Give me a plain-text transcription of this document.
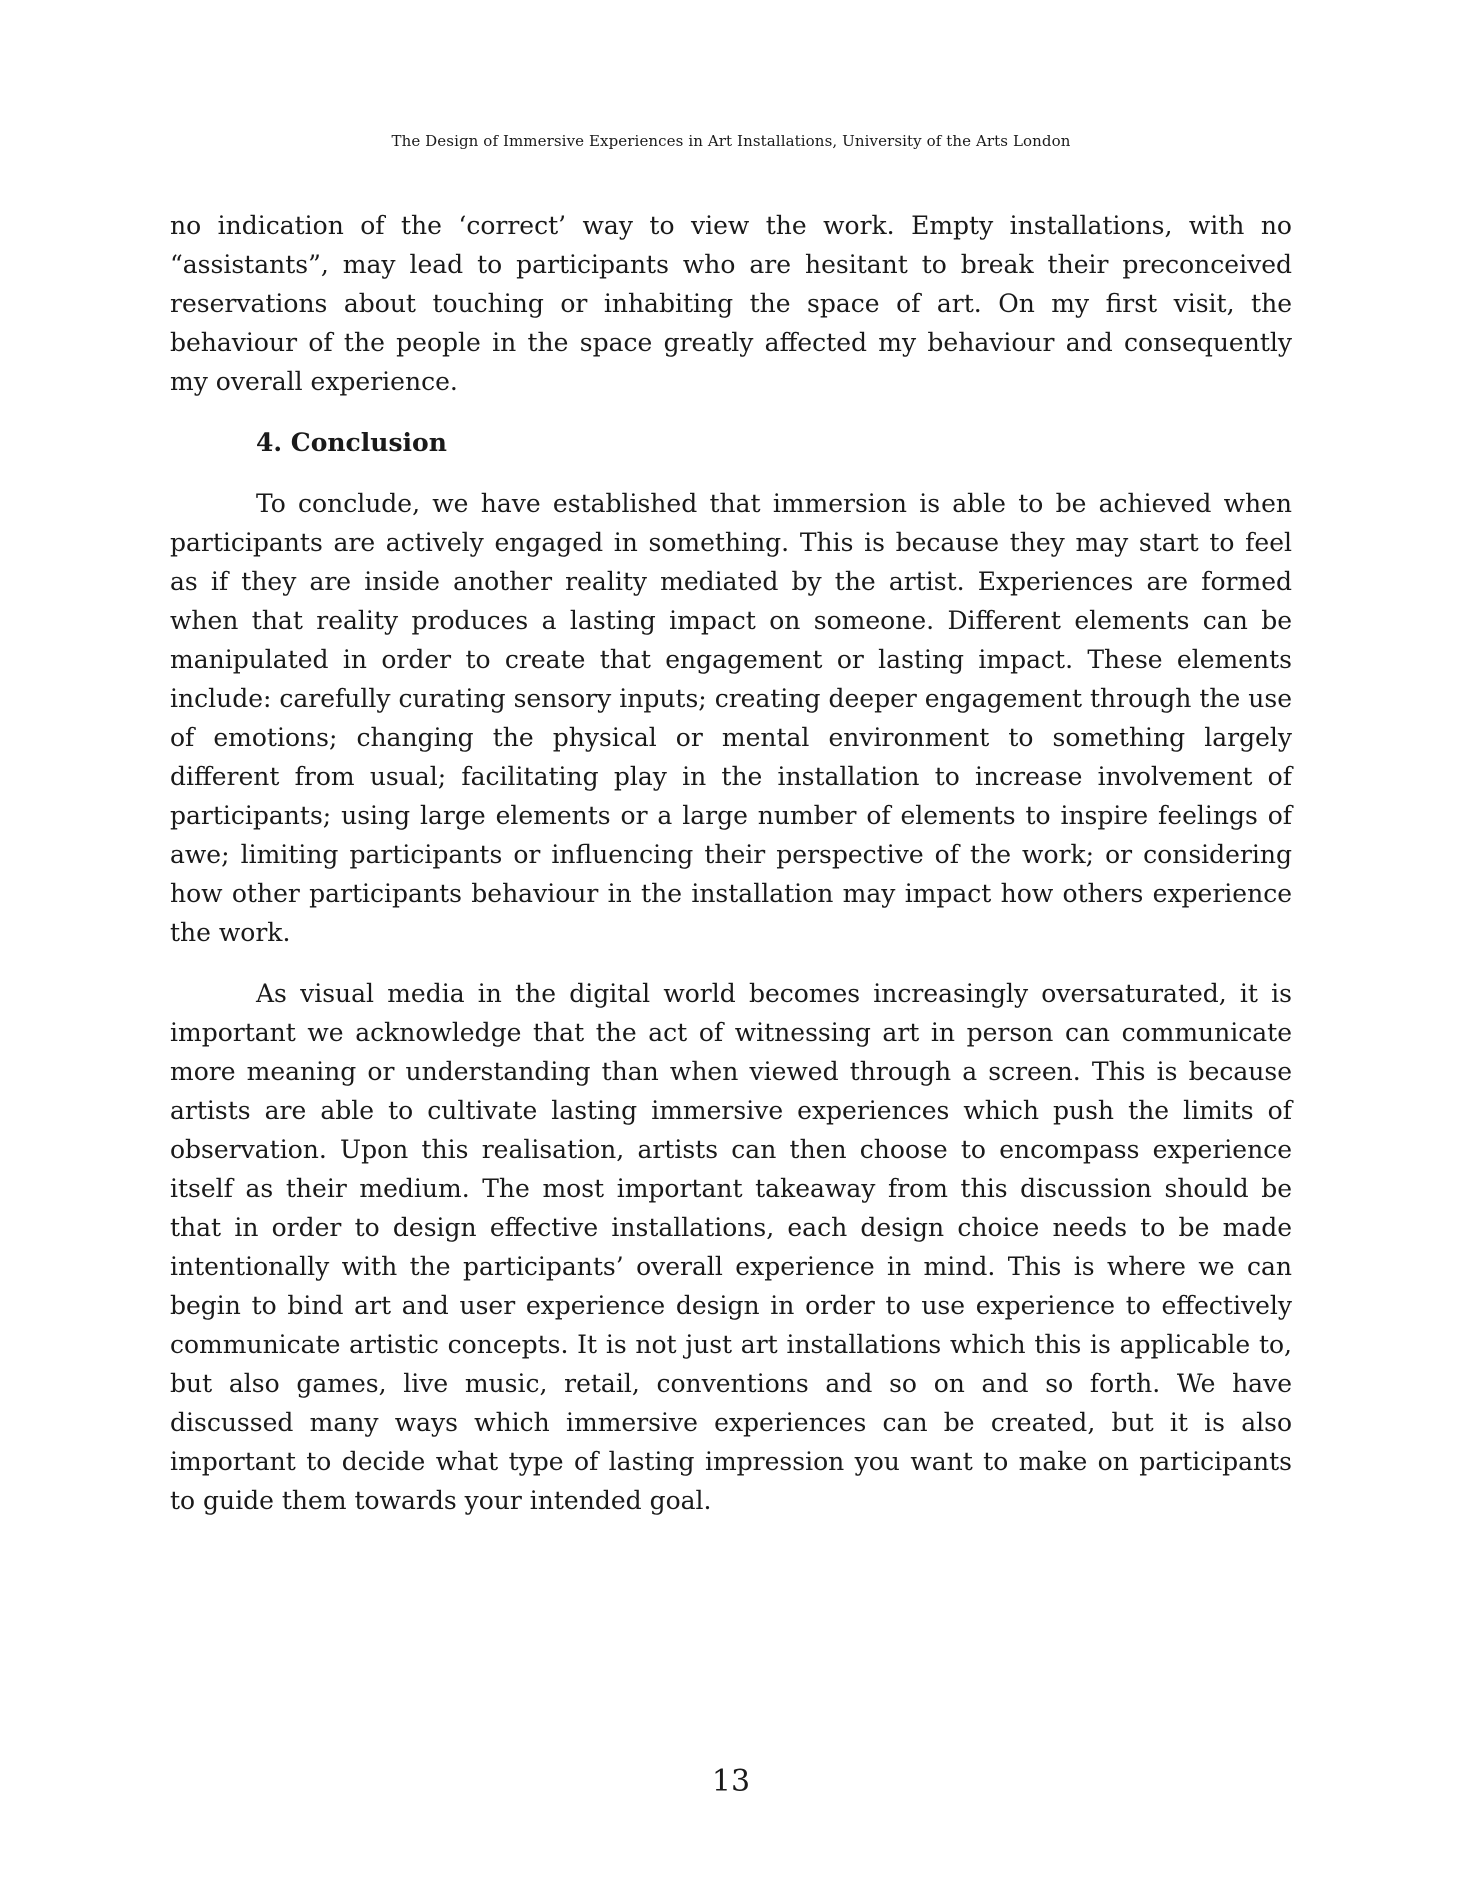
The Design of Immersive Experiences in Art Installations, University of the Arts London

no indication of the ‘correct’ way to view the work. Empty installations, with no “assistants”, may lead to participants who are hesitant to break their preconceived reservations about touching or inhabiting the space of art. On my first visit, the behaviour of the people in the space greatly affected my behaviour and consequently my overall experience.

4. Conclusion

To conclude, we have established that immersion is able to be achieved when participants are actively engaged in something. This is because they may start to feel as if they are inside another reality mediated by the artist. Experiences are formed when that reality produces a lasting impact on someone. Different elements can be manipulated in order to create that engagement or lasting impact. These elements include: carefully curating sensory inputs; creating deeper engagement through the use of emotions; changing the physical or mental environment to something largely different from usual; facilitating play in the installation to increase involvement of participants; using large elements or a large number of elements to inspire feelings of awe; limiting participants or influencing their perspective of the work; or considering how other participants behaviour in the installation may impact how others experience the work.

As visual media in the digital world becomes increasingly oversaturated, it is important we acknowledge that the act of witnessing art in person can communicate more meaning or understanding than when viewed through a screen. This is because artists are able to cultivate lasting immersive experiences which push the limits of observation. Upon this realisation, artists can then choose to encompass experience itself as their medium. The most important takeaway from this discussion should be that in order to design effective installations, each design choice needs to be made intentionally with the participants’ overall experience in mind. This is where we can begin to bind art and user experience design in order to use experience to effectively communicate artistic concepts. It is not just art installations which this is applicable to, but also games, live music, retail, conventions and so on and so forth. We have discussed many ways which immersive experiences can be created, but it is also important to decide what type of lasting impression you want to make on participants to guide them towards your intended goal.

13
